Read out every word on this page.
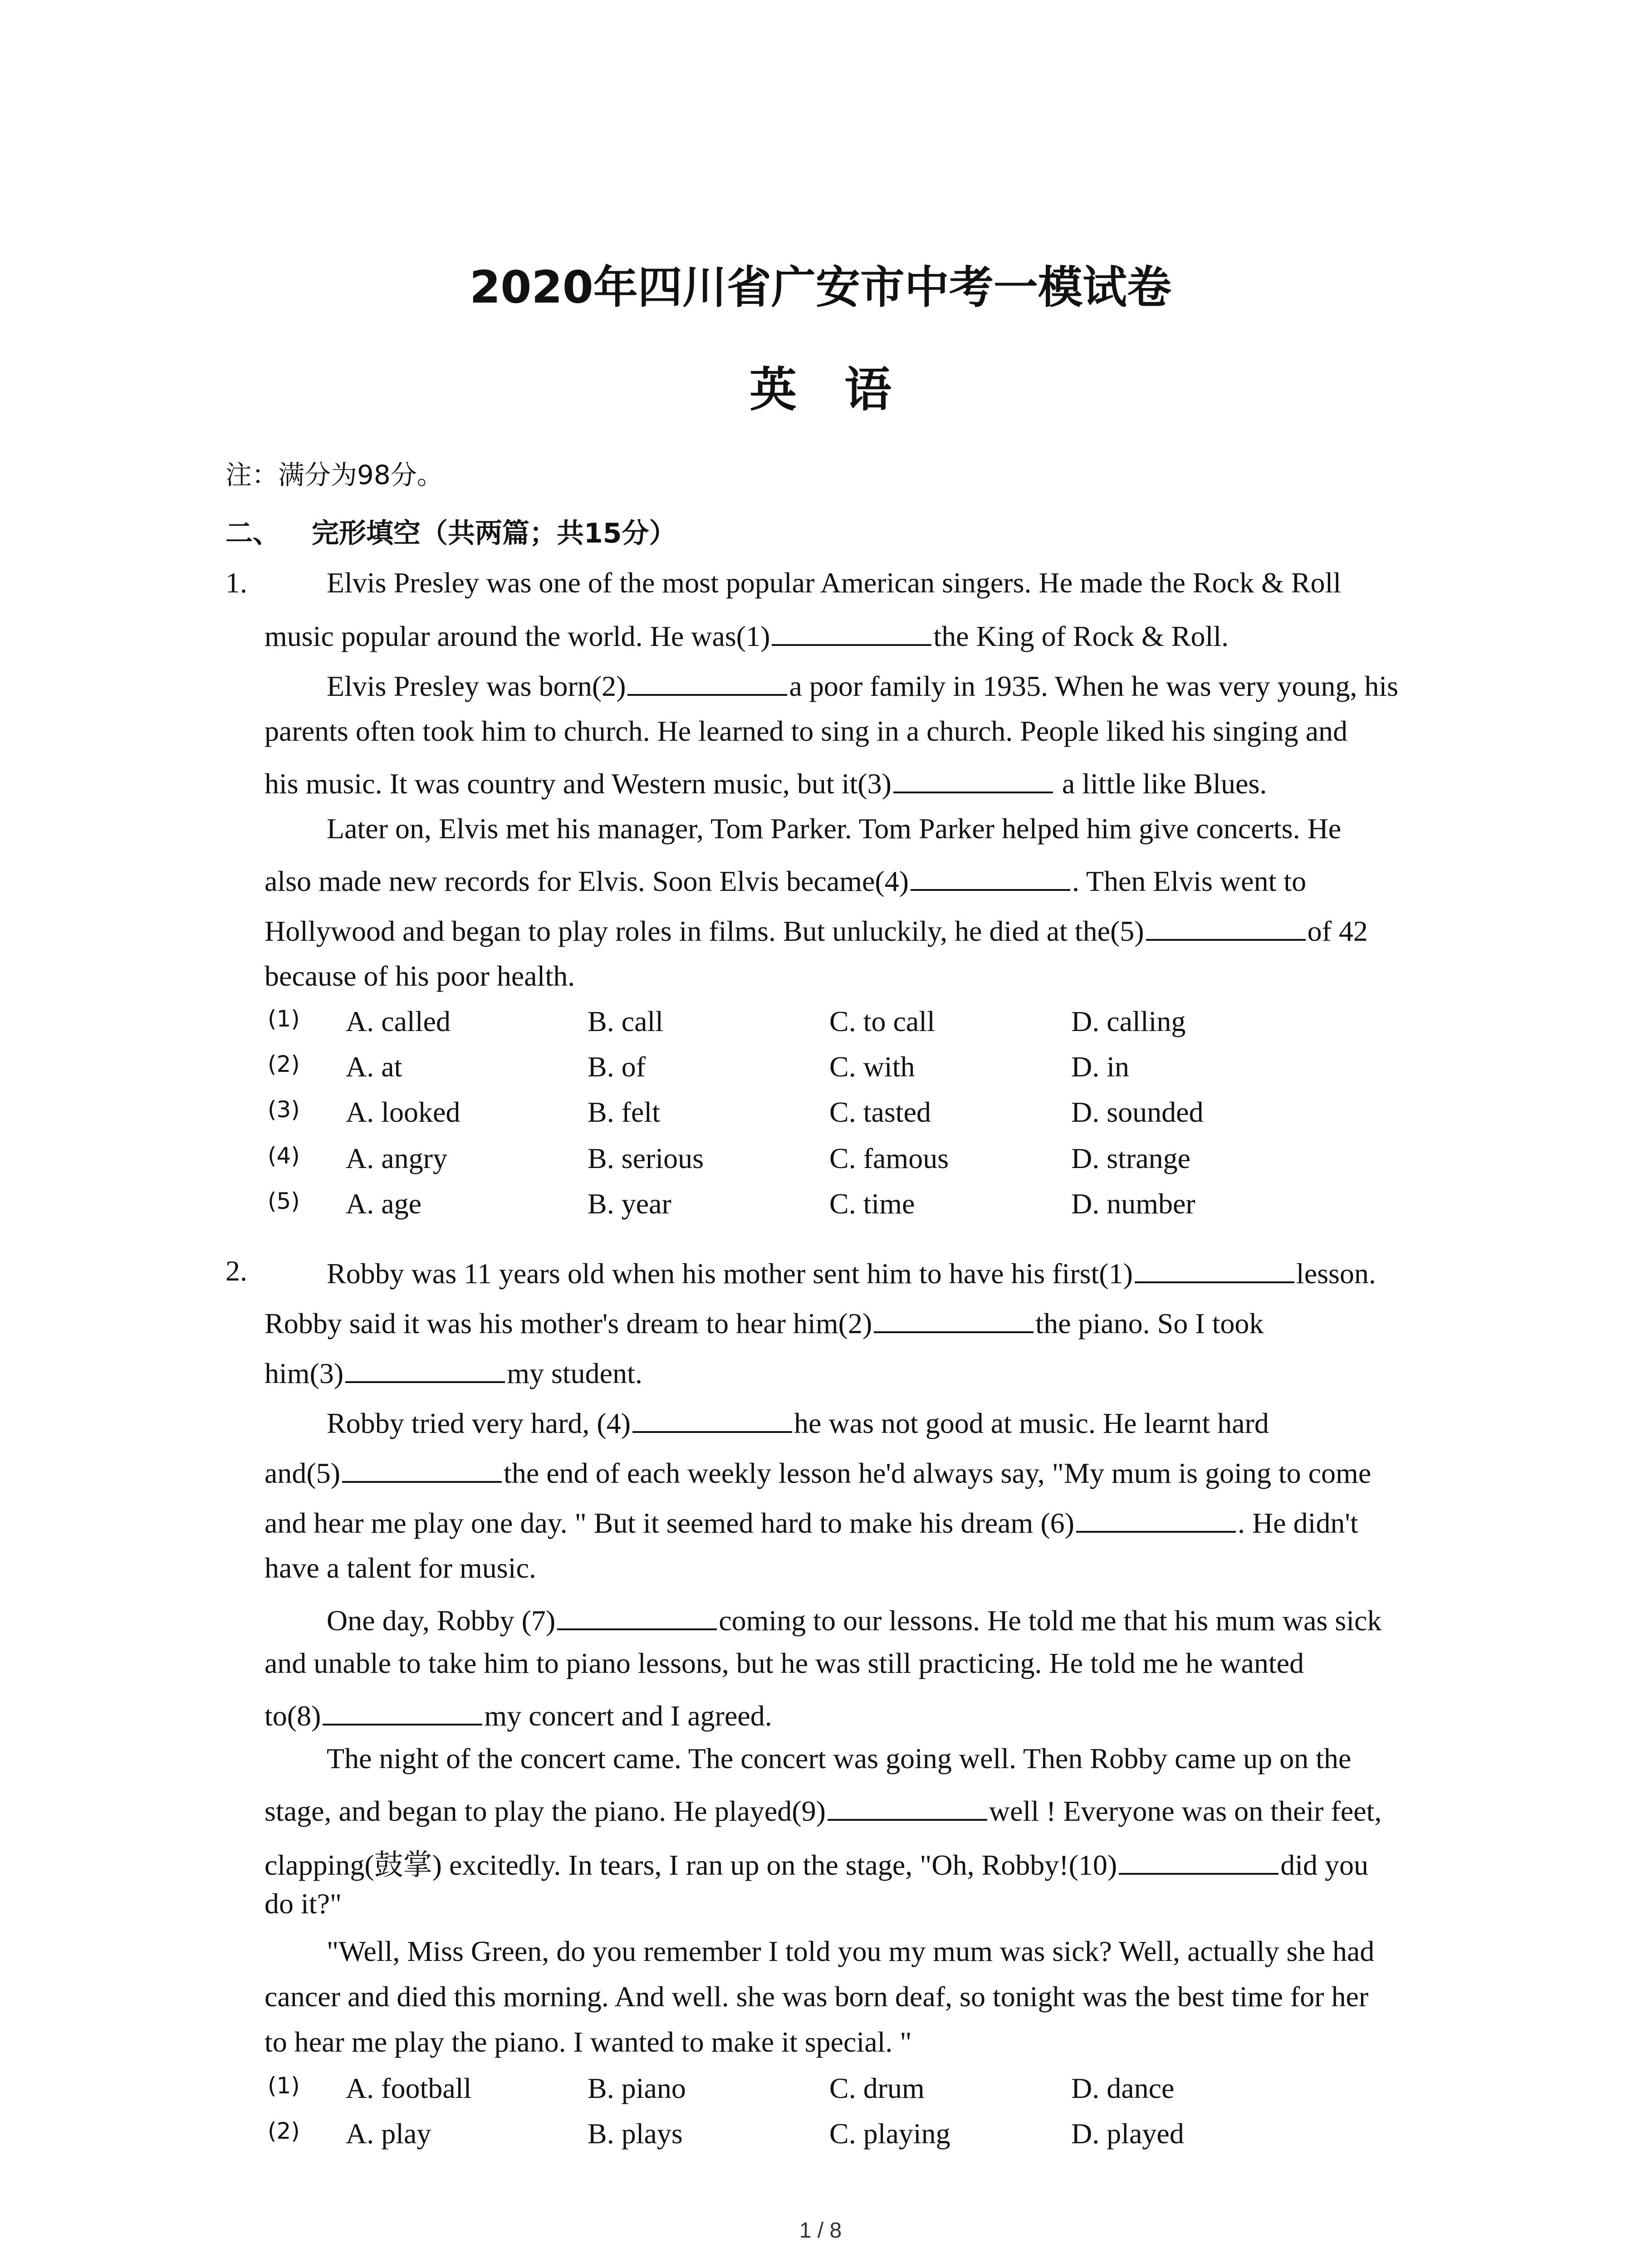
2020年四川省广安市中考一模试卷
英语
注：满分为98分。
二、 完形填空（共两篇；共15分）
1.	Elvis Presley was one of the most popular American singers. He made the Rock & Roll
music popular around the world. He was(1)	the King of Rock & Roll.
Elvis Presley was born(2)	a poor family in 1935. When he was very young, his
parents often took him to church. He learned to sing in a church. People liked his singing and
his music. It was country and Western music, but it(3)	a little like Blues.
Later on, Elvis met his manager, Tom Parker. Tom Parker helped him give concerts. He
also made new records for Elvis. Soon Elvis became(4)	. Then Elvis went to
Hollywood and began to play roles in films. But unluckily, he died at the(5)	of 42
because of his poor health.
(1) A. called	B. call	C. to call	D. calling
(2) A. at	B. of	C. with	D. in
(3) A. looked	B. felt	C. tasted	D. sounded
(4) A. angry	B. serious	C. famous	D. strange
(5) A. age	B. year	C. time	D. number
2.	Robby was 11 years old when his mother sent him to have his first(1)	lesson.
Robby said it was his mother's dream to hear him(2)	the piano. So I took
him(3)	my student.
Robby tried very hard, (4)	he was not good at music. He learnt hard
and(5)	the end of each weekly lesson he'd always say, "My mum is going to come
and hear me play one day. " But it seemed hard to make his dream (6)	. He didn't
have a talent for music.
One day, Robby (7)	coming to our lessons. He told me that his mum was sick
and unable to take him to piano lessons, but he was still practicing. He told me he wanted
to(8)	my concert and I agreed.
The night of the concert came. The concert was going well. Then Robby came up on the
stage, and began to play the piano. He played(9)	well ! Everyone was on their feet,
clapping(鼓掌) excitedly. In tears, I ran up on the stage, "Oh, Robby!(10)	did you
do it?"
"Well, Miss Green, do you remember I told you my mum was sick? Well, actually she had
cancer and died this morning. And well. she was born deaf, so tonight was the best time for her
to hear me play the piano. I wanted to make it special. "
(1) A. football	B. piano	C. drum	D. dance
(2) A. play	B. plays	C. playing	D. played
1 / 8
